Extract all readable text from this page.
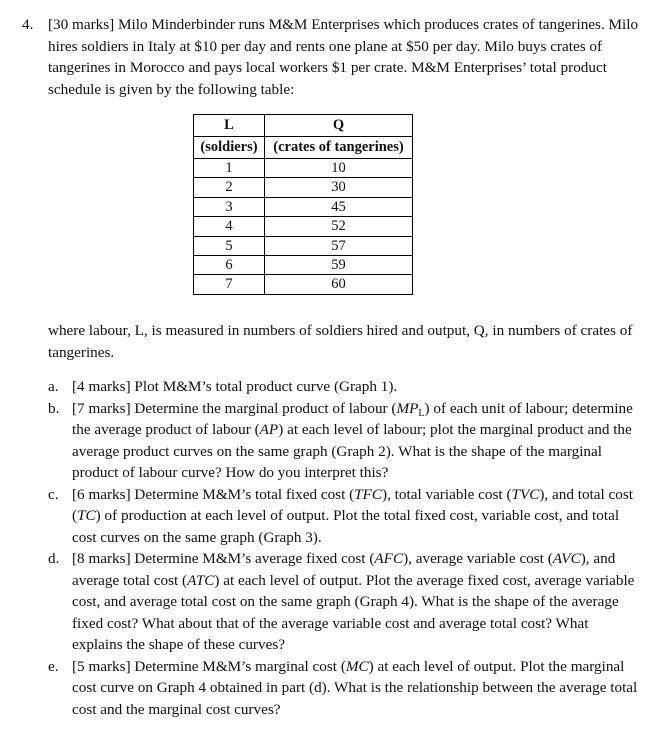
4. [30 marks] Milo Minderbinder runs M&M Enterprises which produces crates of tangerines. Milo hires soldiers in Italy at $10 per day and rents one plane at $50 per day. Milo buys crates of tangerines in Morocco and pays local workers $1 per crate. M&M Enterprises’ total product schedule is given by the following table:
L	Q
(soldiers)	(crates of tangerines)
1	10
2	30
3	45
4	52
5	57
6	59
7	60
where labour, L, is measured in numbers of soldiers hired and output, Q, in numbers of crates of tangerines.
a. [4 marks] Plot M&M’s total product curve (Graph 1).
b. [7 marks] Determine the marginal product of labour $(MP_L)$ of each unit of labour; determine the average product of labour (AP) at each level of labour; plot the marginal product and the average product curves on the same graph (Graph 2). What is the shape of the marginal product of labour curve? How do you interpret this?
c. [6 marks] Determine M&M’s total fixed cost (TFC), total variable cost (TVC), and total cost (TC) of production at each level of output. Plot the total fixed cost, variable cost, and total cost curves on the same graph (Graph 3).
d. [8 marks] Determine M&M’s average fixed cost (AFC), average variable cost (AVC), and average total cost (ATC) at each level of output. Plot the average fixed cost, average variable cost, and average total cost on the same graph (Graph 4). What is the shape of the average fixed cost? What about that of the average variable cost and average total cost? What explains the shape of these curves?
e. [5 marks] Determine M&M’s marginal cost (MC) at each level of output. Plot the marginal cost curve on Graph 4 obtained in part (d). What is the relationship between the average total cost and the marginal cost curves?
